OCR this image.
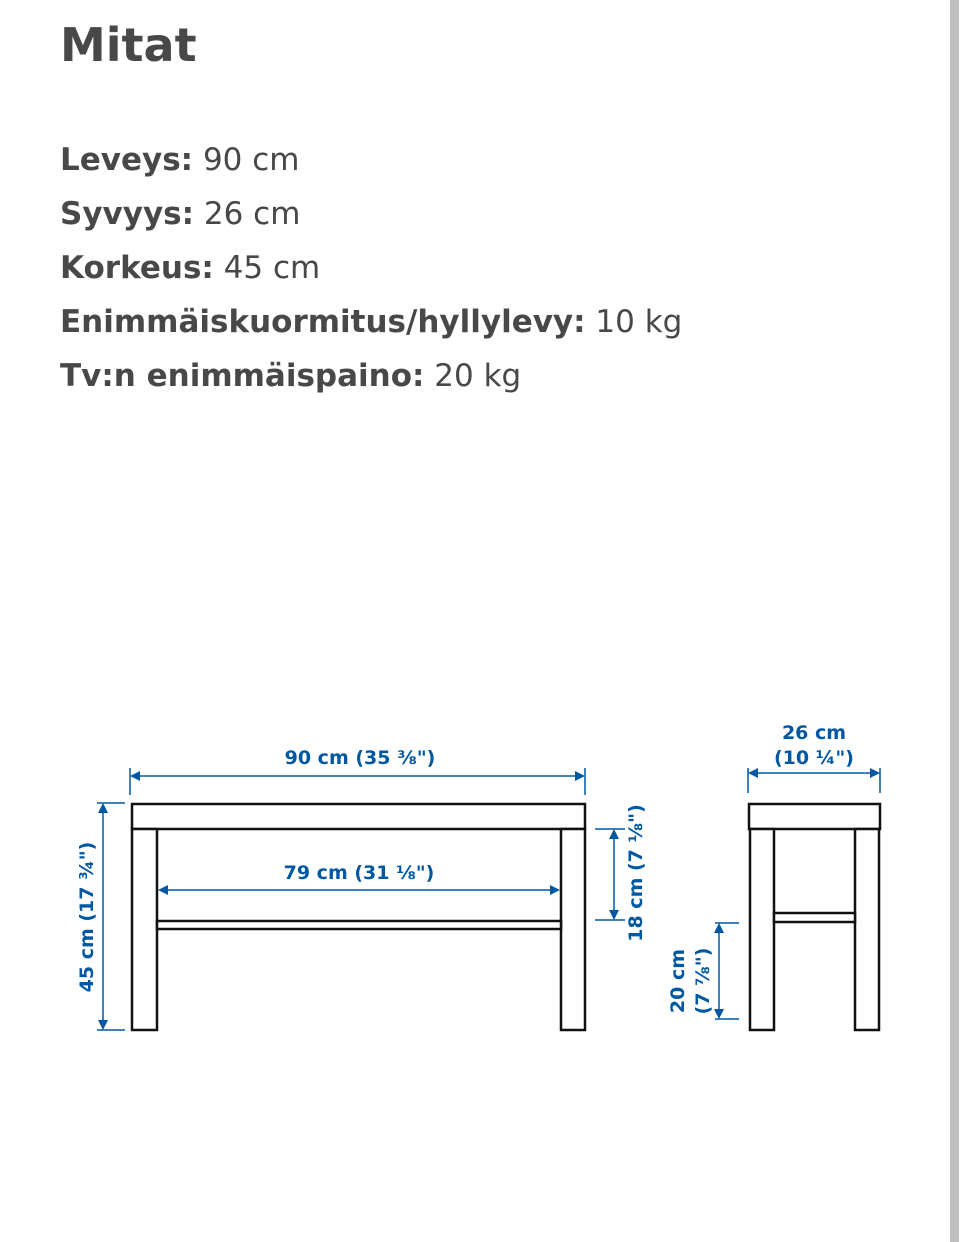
Mitat
Leveys: 90 cm
Syvyys: 26 cm
Korkeus: 45 cm
Enimmäiskuormitus/hyllylevy: 10 kg
Tv:n enimmäispaino: 20 kg
90 cm (35 ⅜")
79 cm (31 ⅛")
45 cm (17 ¾")	18 cm (7 ⅛")
26 cm
(10 ¼")
20 cm (7 ⅞")
